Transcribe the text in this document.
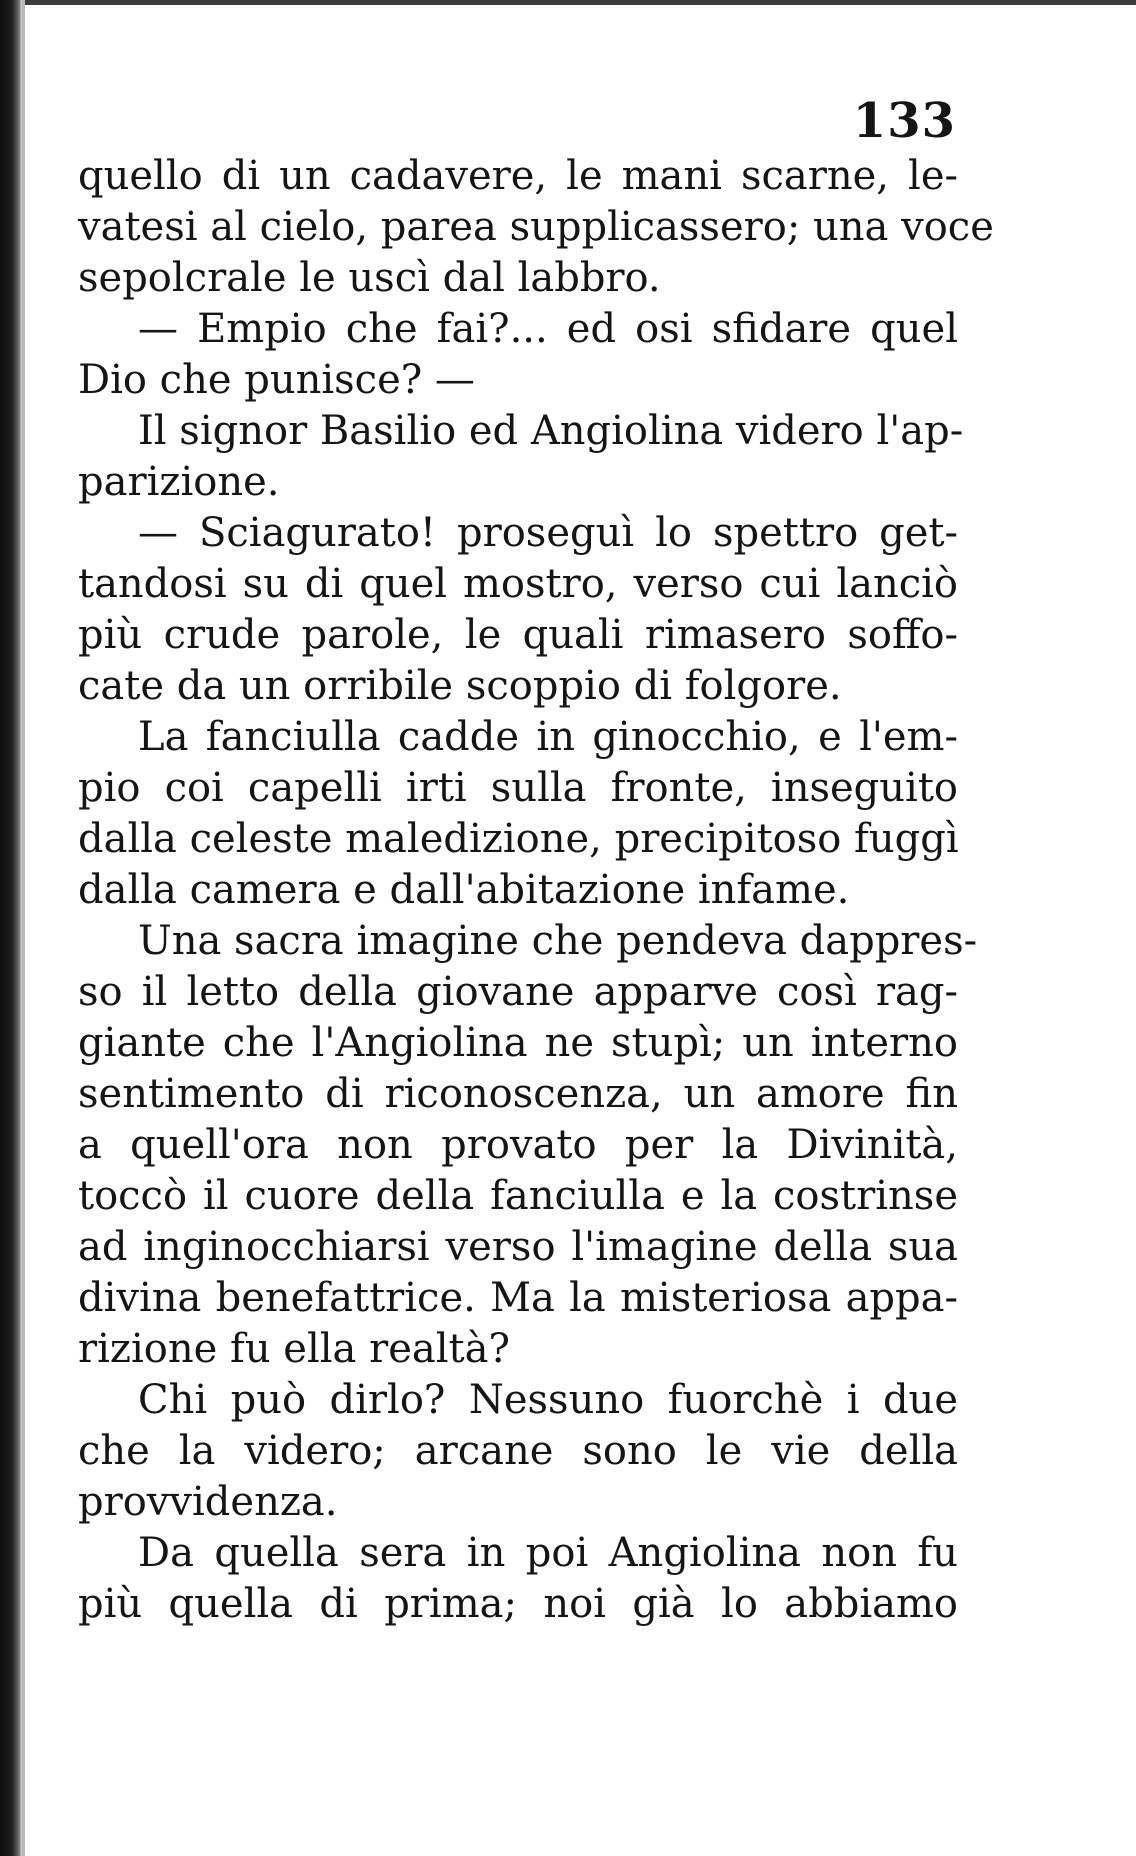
133
quello di un cadavere, le mani scarne, le-
vatesi al cielo, parea supplicassero; una voce
sepolcrale le uscì dal labbro.
— Empio che fai?... ed osi sfidare quel
Dio che punisce? —
Il signor Basilio ed Angiolina videro l'ap-
parizione.
— Sciagurato! proseguì lo spettro get-
tandosi su di quel mostro, verso cui lanciò
più crude parole, le quali rimasero soffo-
cate da un orribile scoppio di folgore.
La fanciulla cadde in ginocchio, e l'em-
pio coi capelli irti sulla fronte, inseguito
dalla celeste maledizione, precipitoso fuggì
dalla camera e dall'abitazione infame.
Una sacra imagine che pendeva dappres-
so il letto della giovane apparve così rag-
giante che l'Angiolina ne stupì; un interno
sentimento di riconoscenza, un amore fin
a quell'ora non provato per la Divinità,
toccò il cuore della fanciulla e la costrinse
ad inginocchiarsi verso l'imagine della sua
divina benefattrice. Ma la misteriosa appa-
rizione fu ella realtà?
Chi può dirlo? Nessuno fuorchè i due
che la videro; arcane sono le vie della
provvidenza.
Da quella sera in poi Angiolina non fu
più quella di prima; noi già lo abbiamo
